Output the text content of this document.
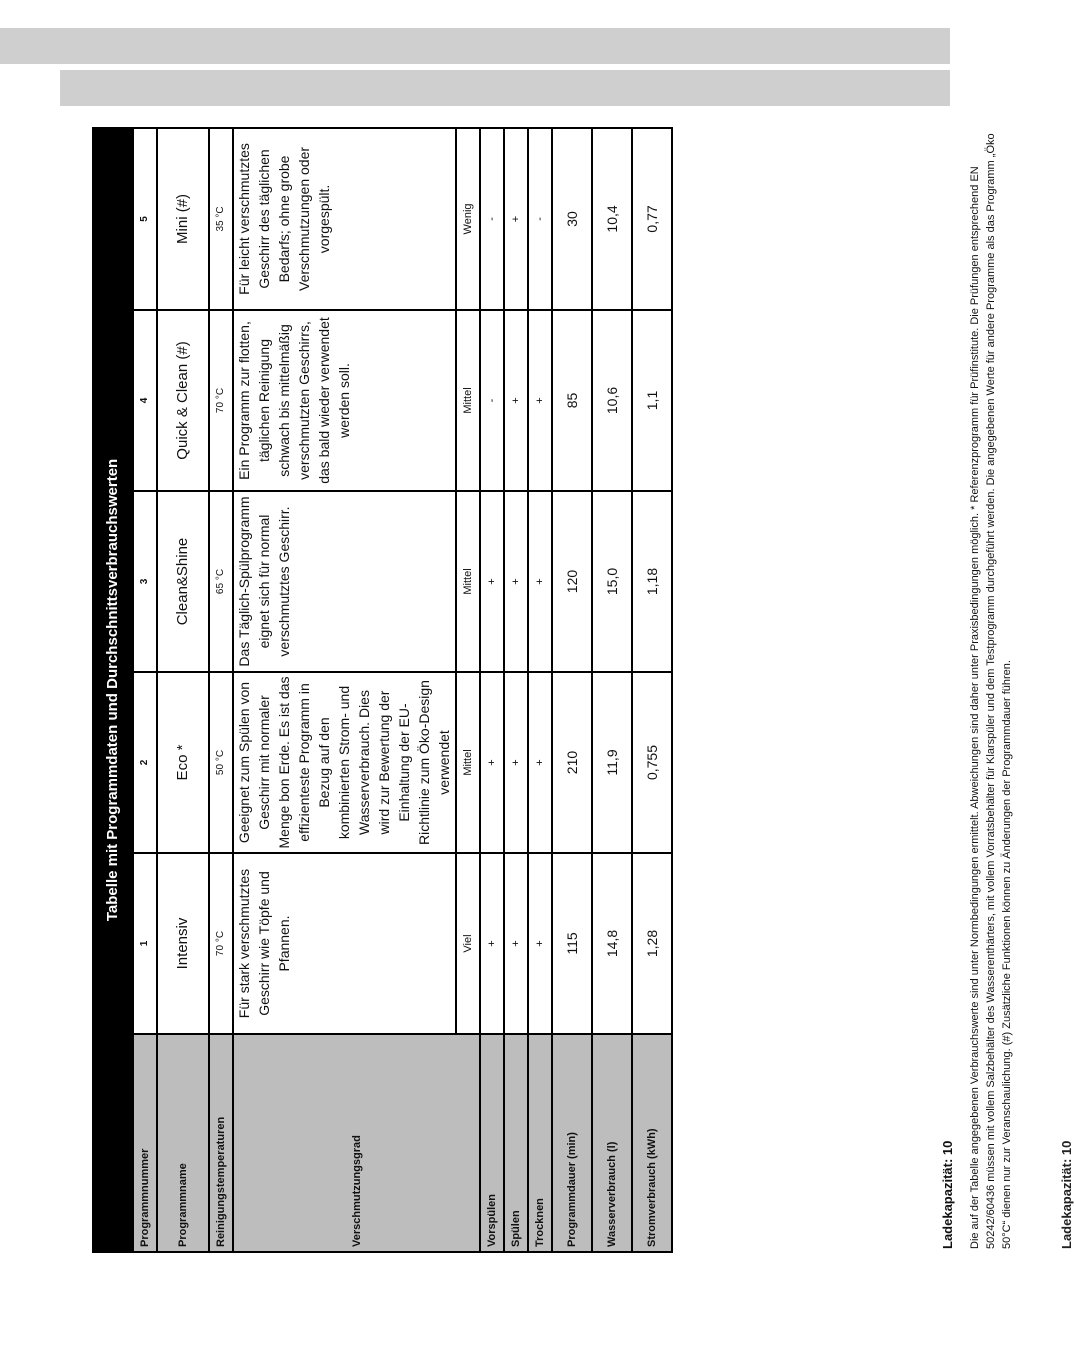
Tabelle mit Programmdaten und Durchschnittsverbrauchswerten					
Programmnummer	1	2	3	4	5
Programmname	Intensiv	Eco *	Clean&Shine	Quick & Clean (#)	Mini (#)
Reinigungstemperaturen	70 °C	50 °C	65 °C	70 °C	35 °C
Verschmutzungsgrad	Für stark verschmutztes Geschirr wie Töpfe und Pfannen.	Geeignet zum Spülen von Geschirr mit normaler Menge bon Erde. Es ist das effizienteste Programm in Bezug auf den kombinierten Strom- und Wasserverbrauch. Dies wird zur Bewertung der Einhaltung der EU-Richtlinie zum Öko-Design verwendet	Das Täglich-Spülprogramm eignet sich für normal verschmutztes Geschirr.	Ein Programm zur flotten, täglichen Reinigung schwach bis mittelmäßig verschmutzten Geschirrs, das bald wieder verwendet werden soll.	Für leicht verschmutztes Geschirr des täglichen Bedarfs; ohne grobe Verschmutzungen oder vorgespült.
	Viel	Mittel	Mittel	Mittel	Wenig
Vorspülen	+	+	+	-	-
Spülen	+	+	+	+	+
Trocknen	+	+	+	+	-
Programmdauer (min)	115	210	120	85	30
Wasserverbrauch (l)	14,8	11,9	15,0	10,6	10,4
Stromverbrauch (kWh)	1,28	0,755	1,18	1,1	0,77
Ladekapazität: 10 Die auf der Tabelle angegebenen Verbrauchswerte sind unter Normbedingungen ermittelt. Abweichungen sind daher unter Praxisbedingungen möglich. * Referenzprogramm für Prüfinstitute. Die Prüfungen entsprechend EN 50242/60436 müssen mit vollem Salzbehälter des Wasserenthärters, mit vollem Vorratsbehälter für Klarspüler und dem Testprogramm durchgeführt werden. Die angegebenen Werte für andere Programme als das Programm „Öko 50°C“ dienen nur zur Veranschaulichung. (#) Zusätzliche Funktionen können zu Änderungen der Programmdauer führen.	Ladekapazität: 10
